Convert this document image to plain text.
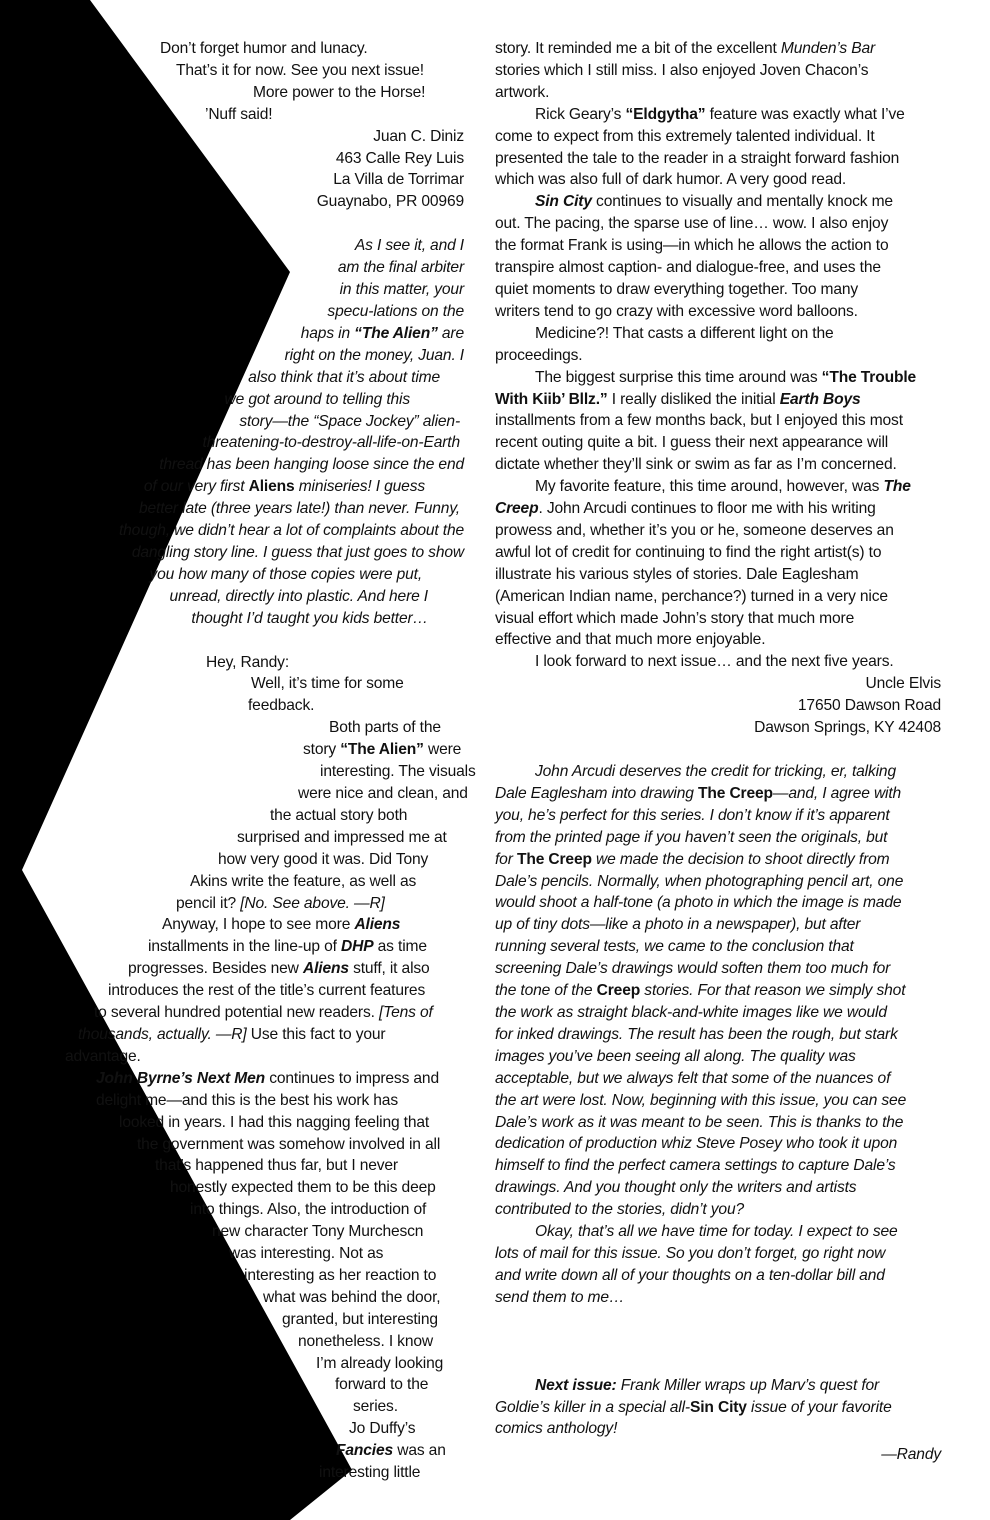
Don’t forget humor and lunacy.
That’s it for now. See you next issue!
More power to the Horse!
’Nuff said!
Juan C. Diniz
463 Calle Rey Luis
La Villa de Torrimar
Guaynabo, PR 00969
As I see it, and I
am the final arbiter
in this matter, your
specu-lations on the
haps in “The Alien” are
right on the money, Juan. I
also think that it’s about time
we got around to telling this
story—the “Space Jockey” alien-
threatening-to-destroy-all-life-on-Earth
thread has been hanging loose since the end
of our very first Aliens miniseries! I guess
better late (three years late!) than never. Funny,
though, we didn’t hear a lot of complaints about the
dangling story line. I guess that just goes to show
you how many of those copies were put,
unread, directly into plastic. And here I
thought I’d taught you kids better…
Hey, Randy:
Well, it’s time for some
feedback.
Both parts of the
story “The Alien” were
interesting. The visuals
were nice and clean, and
the actual story both
surprised and impressed me at
how very good it was. Did Tony
Akins write the feature, as well as
pencil it? [No. See above. —R]
Anyway, I hope to see more Aliens
installments in the line-up of DHP as time
progresses. Besides new Aliens stuff, it also
introduces the rest of the title’s current features
to several hundred potential new readers. [Tens of
thousands, actually. —R] Use this fact to your
advantage.
John Byrne’s Next Men continues to impress and
delight me—and this is the best his work has
looked in years. I had this nagging feeling that
the government was somehow involved in all
that’s happened thus far, but I never
honestly expected them to be this deep
into things. Also, the introduction of
new character Tony Murchescn
was interesting. Not as
interesting as her reaction to
what was behind the door,
granted, but interesting
nonetheless. I know
I’m already looking
forward to the
series.
Jo Duffy’s
Fancies was an
interesting little
story. It reminded me a bit of the excellent Munden’s Bar
stories which I still miss. I also enjoyed Joven Chacon’s
artwork.
Rick Geary’s “Eldgytha” feature was exactly what I’ve
come to expect from this extremely talented individual. It
presented the tale to the reader in a straight forward fashion
which was also full of dark humor. A very good read.
Sin City continues to visually and mentally knock me
out. The pacing, the sparse use of line… wow. I also enjoy
the format Frank is using—in which he allows the action to
transpire almost caption- and dialogue-free, and uses the
quiet moments to draw everything together. Too many
writers tend to go crazy with excessive word balloons.
Medicine?! That casts a different light on the
proceedings.
The biggest surprise this time around was “The Trouble
With Kiib’ Bllz.” I really disliked the initial Earth Boys
installments from a few months back, but I enjoyed this most
recent outing quite a bit. I guess their next appearance will
dictate whether they’ll sink or swim as far as I’m concerned.
My favorite feature, this time around, however, was The
Creep. John Arcudi continues to floor me with his writing
prowess and, whether it’s you or he, someone deserves an
awful lot of credit for continuing to find the right artist(s) to
illustrate his various styles of stories. Dale Eaglesham
(American Indian name, perchance?) turned in a very nice
visual effort which made John’s story that much more
effective and that much more enjoyable.
I look forward to next issue… and the next five years.
Uncle Elvis
17650 Dawson Road
Dawson Springs, KY 42408
John Arcudi deserves the credit for tricking, er, talking
Dale Eaglesham into drawing The Creep—and, I agree with
you, he’s perfect for this series. I don’t know if it’s apparent
from the printed page if you haven’t seen the originals, but
for The Creep we made the decision to shoot directly from
Dale’s pencils. Normally, when photographing pencil art, one
would shoot a half-tone (a photo in which the image is made
up of tiny dots—like a photo in a newspaper), but after
running several tests, we came to the conclusion that
screening Dale’s drawings would soften them too much for
the tone of the Creep stories. For that reason we simply shot
the work as straight black-and-white images like we would
for inked drawings. The result has been the rough, but stark
images you’ve been seeing all along. The quality was
acceptable, but we always felt that some of the nuances of
the art were lost. Now, beginning with this issue, you can see
Dale’s work as it was meant to be seen. This is thanks to the
dedication of production whiz Steve Posey who took it upon
himself to find the perfect camera settings to capture Dale’s
drawings. And you thought only the writers and artists
contributed to the stories, didn’t you?
Okay, that’s all we have time for today. I expect to see
lots of mail for this issue. So you don’t forget, go right now
and write down all of your thoughts on a ten-dollar bill and
send them to me…
Next issue: Frank Miller wraps up Marv’s quest for
Goldie’s killer in a special all-Sin City issue of your favorite
comics anthology!
—Randy
